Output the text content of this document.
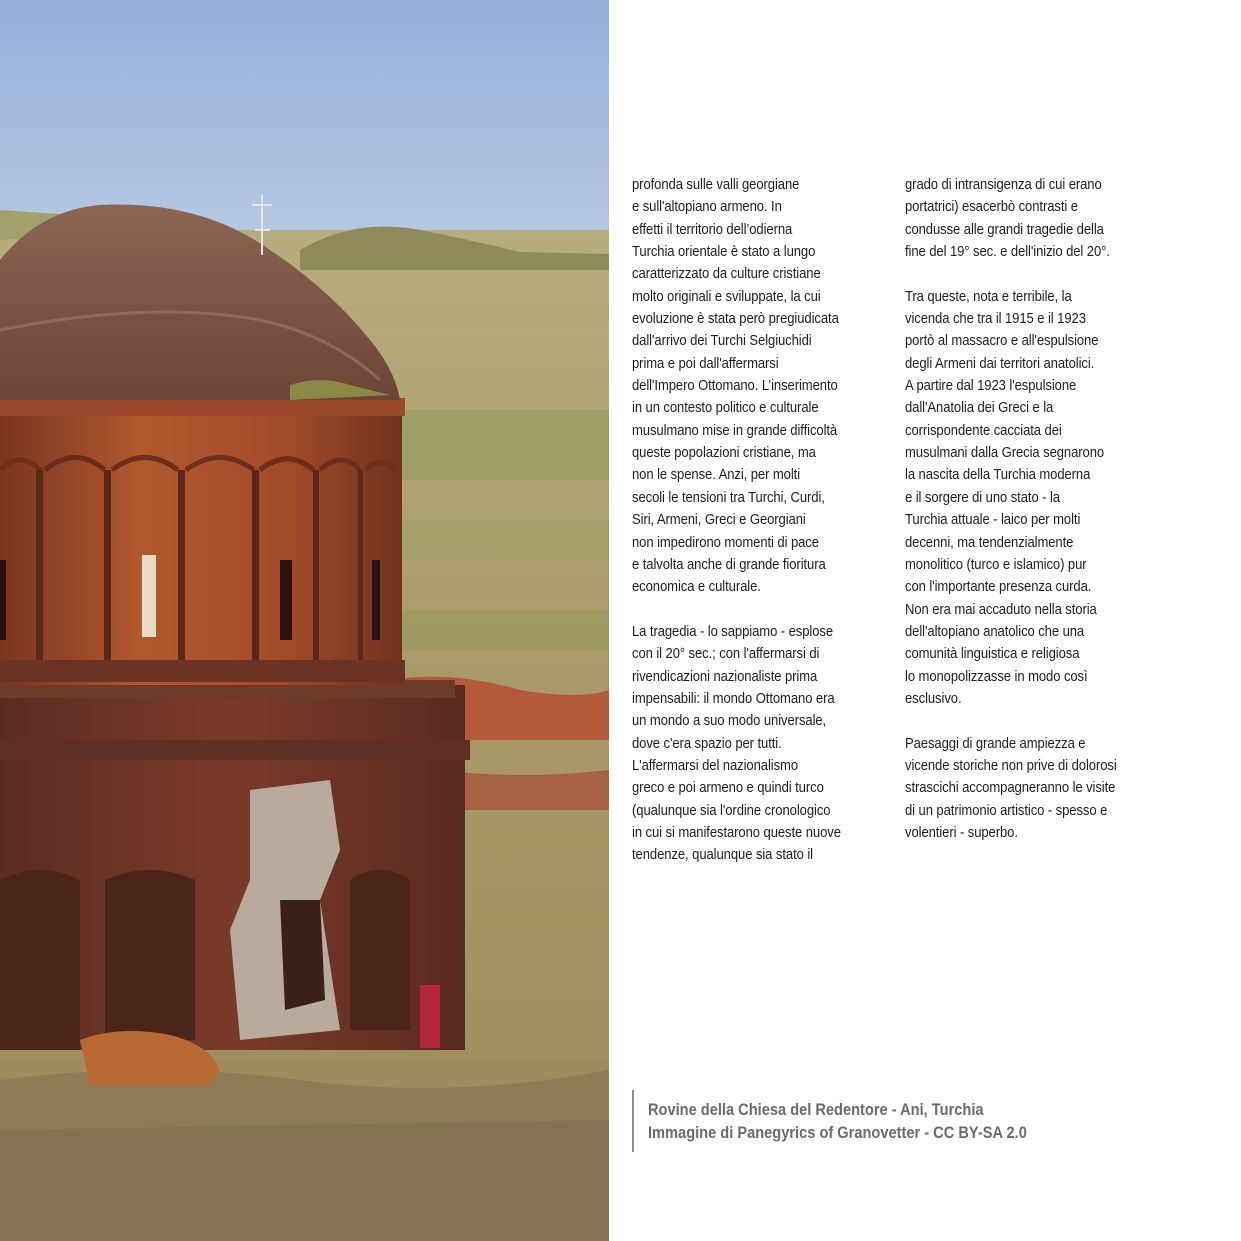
profonda sulle valli georgiane
e sull'altopiano armeno. In
effetti il territorio dell’odierna
Turchia orientale è stato a lungo
caratterizzato da culture cristiane
molto originali e sviluppate, la cui
evoluzione è stata però pregiudicata
dall'arrivo dei Turchi Selgiuchidi
prima e poi dall'affermarsi
dell'Impero Ottomano. L’inserimento
in un contesto politico e culturale
musulmano mise in grande difficoltà
queste popolazioni cristiane, ma
non le spense. Anzi, per molti
secoli le tensioni tra Turchi, Curdi,
Siri, Armeni, Greci e Georgiani
non impedirono momenti di pace
e talvolta anche di grande fioritura
economica e culturale.
La tragedia - lo sappiamo - esplose
con il 20° sec.; con l'affermarsi di
rivendicazioni nazionaliste prima
impensabili: il mondo Ottomano era
un mondo a suo modo universale,
dove c'era spazio per tutti.
L'affermarsi del nazionalismo
greco e poi armeno e quindi turco
(qualunque sia l'ordine cronologico
in cui si manifestarono queste nuove
tendenze, qualunque sia stato il
grado di intransigenza di cui erano
portatrici) esacerbò contrasti e
condusse alle grandi tragedie della
fine del 19° sec. e dell'inizio del 20°.
Tra queste, nota e terribile, la
vicenda che tra il 1915 e il 1923
portò al massacro e all'espulsione
degli Armeni dai territori anatolici.
A partire dal 1923 l'espulsione
dall'Anatolia dei Greci e la
corrispondente cacciata dei
musulmani dalla Grecia segnarono
la nascita della Turchia moderna
e il sorgere di uno stato - la
Turchia attuale - laico per molti
decenni, ma tendenzialmente
monolitico (turco e islamico) pur
con l'importante presenza curda.
Non era mai accaduto nella storia
dell'altopiano anatolico che una
comunità linguistica e religiosa
lo monopolizzasse in modo così
esclusivo.
Paesaggi di grande ampiezza e
vicende storiche non prive di dolorosi
strascichi accompagneranno le visite
di un patrimonio artistico - spesso e
volentieri - superbo.
Rovine della Chiesa del Redentore - Ani, Turchia
Immagine di Panegyrics of Granovetter - CC BY-SA 2.0
